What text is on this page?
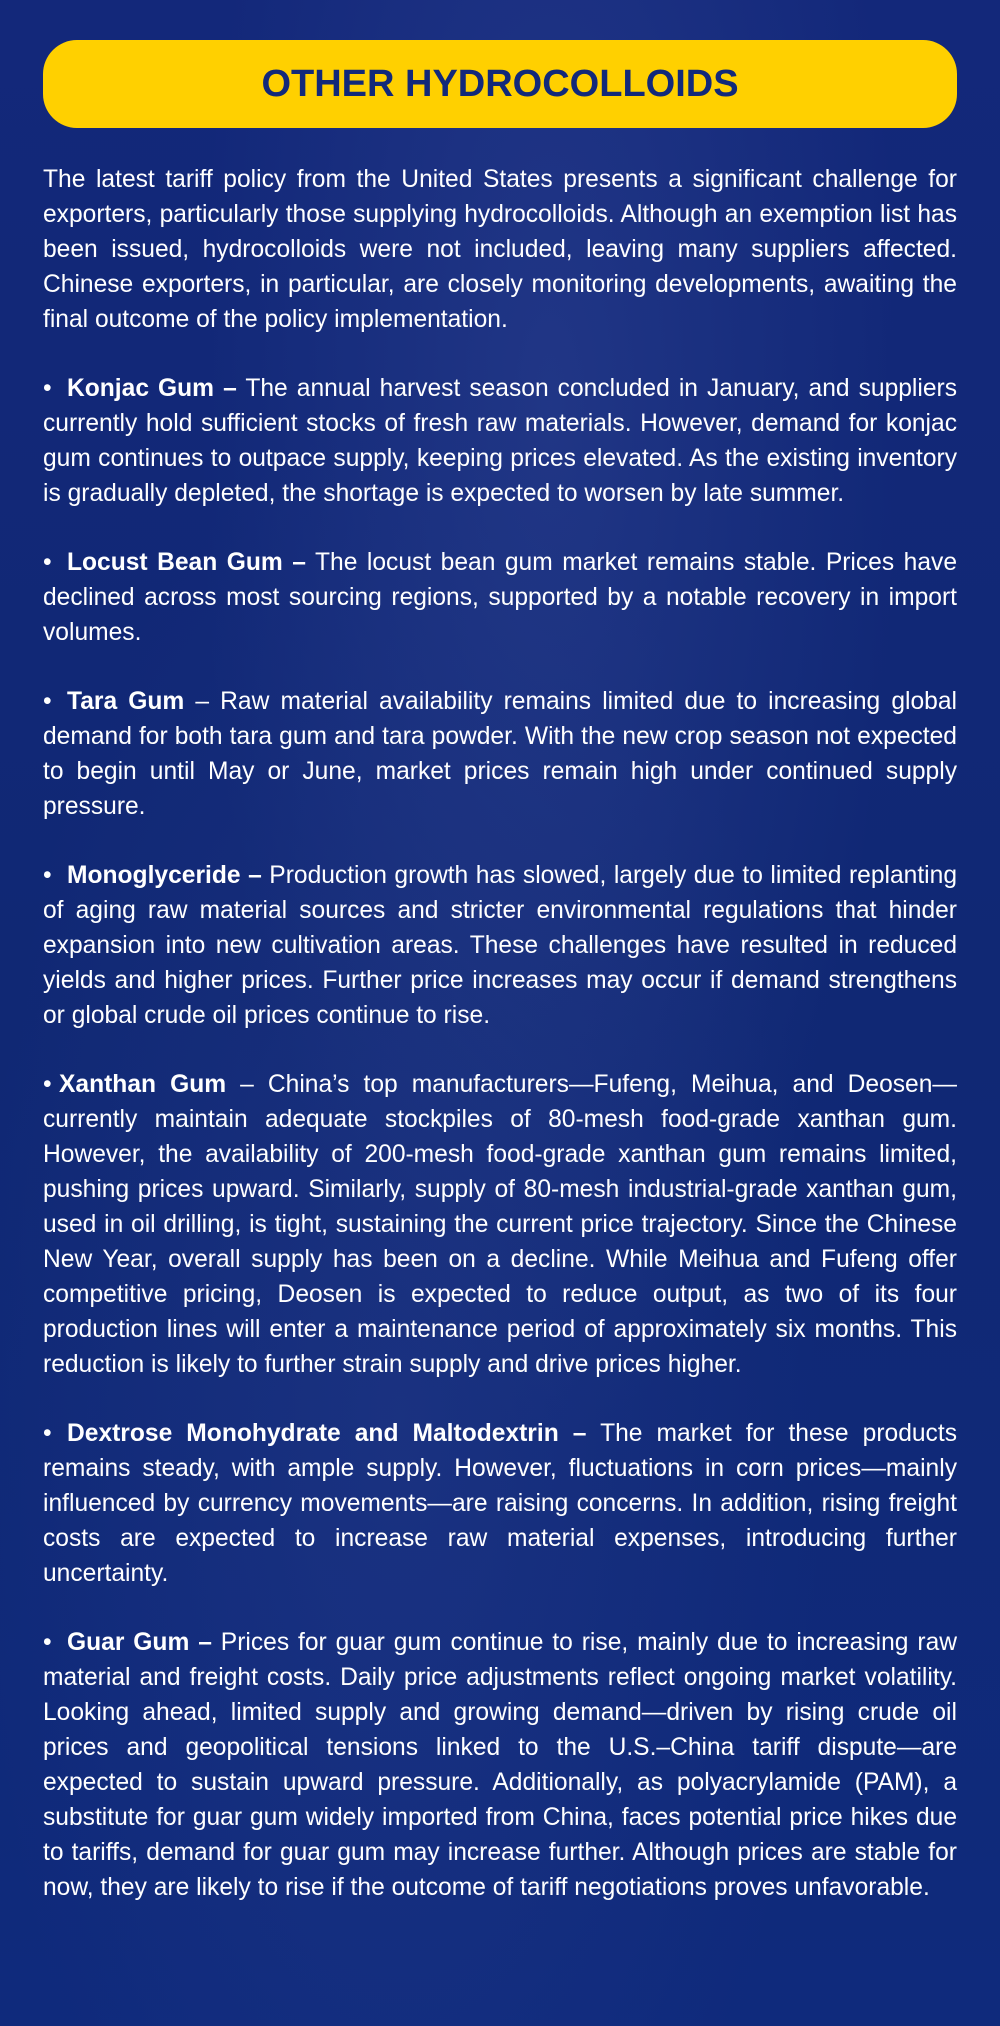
OTHER HYDROCOLLOIDS

The latest tariff policy from the United States presents a significant challenge for exporters, particularly those supplying hydrocolloids. Although an exemption list has been issued, hydrocolloids were not included, leaving many suppliers affected. Chinese exporters, in particular, are closely monitoring developments, awaiting the final outcome of the policy implementation.

• Konjac Gum – The annual harvest season concluded in January, and suppliers currently hold sufficient stocks of fresh raw materials. However, demand for konjac gum continues to outpace supply, keeping prices elevated. As the existing inventory is gradually depleted, the shortage is expected to worsen by late summer.

• Locust Bean Gum – The locust bean gum market remains stable. Prices have declined across most sourcing regions, supported by a notable recovery in import volumes.

• Tara Gum – Raw material availability remains limited due to increasing global demand for both tara gum and tara powder. With the new crop season not expected to begin until May or June, market prices remain high under continued supply pressure.

• Monoglyceride – Production growth has slowed, largely due to limited replanting of aging raw material sources and stricter environmental regulations that hinder expansion into new cultivation areas. These challenges have resulted in reduced yields and higher prices. Further price increases may occur if demand strengthens or global crude oil prices continue to rise.

• Xanthan Gum – China’s top manufacturers—Fufeng, Meihua, and Deosen—currently maintain adequate stockpiles of 80-mesh food-grade xanthan gum. However, the availability of 200-mesh food-grade xanthan gum remains limited, pushing prices upward. Similarly, supply of 80-mesh industrial-grade xanthan gum, used in oil drilling, is tight, sustaining the current price trajectory. Since the Chinese New Year, overall supply has been on a decline. While Meihua and Fufeng offer competitive pricing, Deosen is expected to reduce output, as two of its four production lines will enter a maintenance period of approximately six months. This reduction is likely to further strain supply and drive prices higher.

• Dextrose Monohydrate and Maltodextrin – The market for these products remains steady, with ample supply. However, fluctuations in corn prices—mainly influenced by currency movements—are raising concerns. In addition, rising freight costs are expected to increase raw material expenses, introducing further uncertainty.

• Guar Gum – Prices for guar gum continue to rise, mainly due to increasing raw material and freight costs. Daily price adjustments reflect ongoing market volatility. Looking ahead, limited supply and growing demand—driven by rising crude oil prices and geopolitical tensions linked to the U.S.–China tariff dispute—are expected to sustain upward pressure. Additionally, as polyacrylamide (PAM), a substitute for guar gum widely imported from China, faces potential price hikes due to tariffs, demand for guar gum may increase further. Although prices are stable for now, they are likely to rise if the outcome of tariff negotiations proves unfavorable.
